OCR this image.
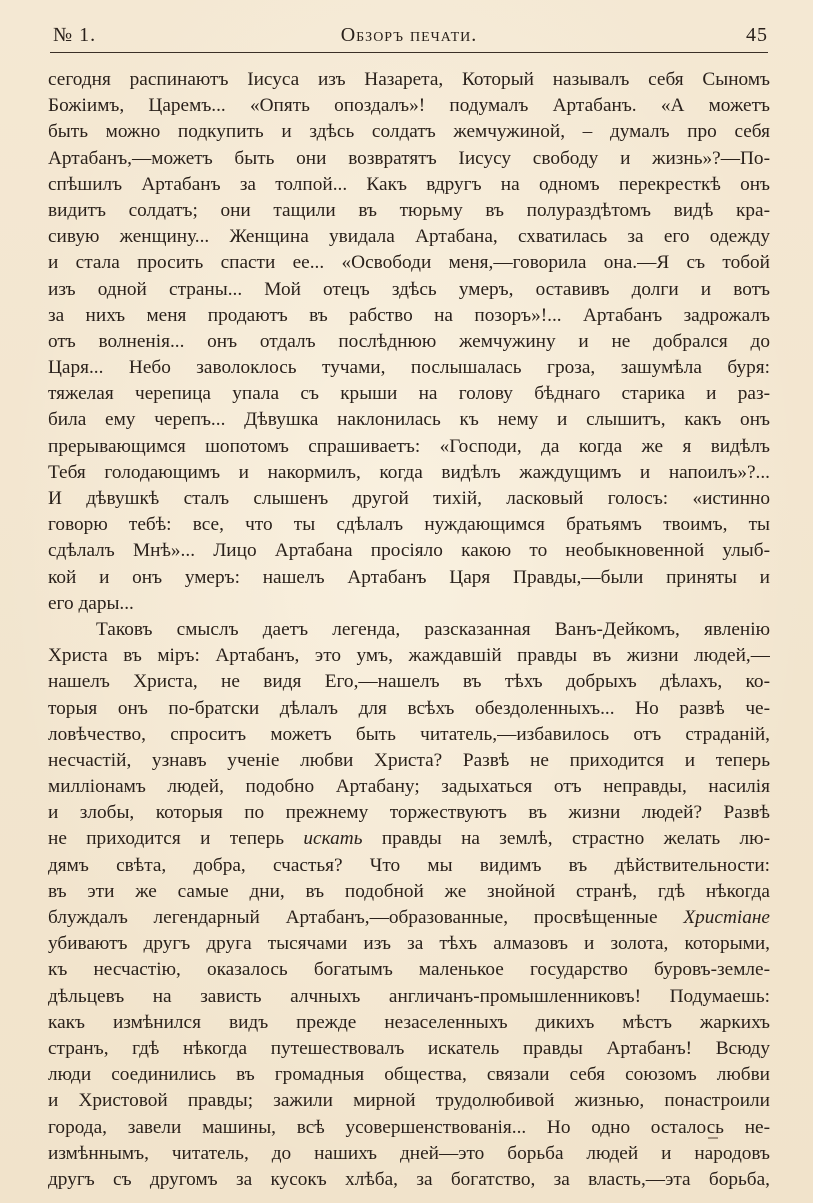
№ 1.	Обзоръ печати.	45
сегодня распинаютъ Іисуса изъ Назарета, Который называлъ себя Сыномъ
Божіимъ, Царемъ... «Опять опоздалъ»! подумалъ Артабанъ. «А можетъ
быть можно подкупить и здѣсь солдатъ жемчужиной, – думалъ про себя
Артабанъ,—можетъ быть они возвратятъ Іисусу свободу и жизнь»?—По-
спѣшилъ Артабанъ за толпой... Какъ вдругъ на одномъ перекресткѣ онъ
видитъ солдатъ; они тащили въ тюрьму въ полураздѣтомъ видѣ кра-
сивую женщину... Женщина увидала Артабана, схватилась за его одежду
и стала просить спасти ее... «Освободи меня,—говорила она.—Я съ тобой
изъ одной страны... Мой отецъ здѣсь умеръ, оставивъ долги и вотъ
за нихъ меня продаютъ въ рабство на позоръ»!... Артабанъ задрожалъ
отъ волненія... онъ отдалъ послѣднюю жемчужину и не добрался до
Царя... Небо заволоклось тучами, послышалась гроза, зашумѣла буря:
тяжелая черепица упала съ крыши на голову бѣднаго старика и раз-
била ему черепъ... Дѣвушка наклонилась къ нему и слышитъ, какъ онъ
прерывающимся шопотомъ спрашиваетъ: «Господи, да когда же я видѣлъ
Тебя голодающимъ и накормилъ, когда видѣлъ жаждущимъ и напоилъ»?...
И дѣвушкѣ сталъ слышенъ другой тихій, ласковый голосъ: «истинно
говорю тебѣ: все, что ты сдѣлалъ нуждающимся братьямъ твоимъ, ты
сдѣлалъ Мнѣ»... Лицо Артабана просіяло какою то необыкновенной улыб-
кой и онъ умеръ: нашелъ Артабанъ Царя Правды,—были приняты и
его дары...
Таковъ смыслъ даетъ легенда, разсказанная Ванъ-Дейкомъ, явленію
Христа въ міръ: Артабанъ, это умъ, жаждавшій правды въ жизни людей,—
нашелъ Христа, не видя Его,—нашелъ въ тѣхъ добрыхъ дѣлахъ, ко-
торыя онъ по-братски дѣлалъ для всѣхъ обездоленныхъ... Но развѣ че-
ловѣчество, спроситъ можетъ быть читатель,—избавилось отъ страданій,
несчастій, узнавъ ученіе любви Христа? Развѣ не приходится и теперь
милліонамъ людей, подобно Артабану; задыхаться отъ неправды, насилія
и злобы, которыя по прежнему торжествуютъ въ жизни людей? Развѣ
не приходится и теперь искать правды на землѣ, страстно желать лю-
дямъ свѣта, добра, счастья? Что мы видимъ въ дѣйствительности:
въ эти же самые дни, въ подобной же знойной странѣ, гдѣ нѣкогда
блуждалъ легендарный Артабанъ,—образованные, просвѣщенные Христіане
убиваютъ другъ друга тысячами изъ за тѣхъ алмазовъ и золота, которыми,
къ несчастію, оказалось богатымъ маленькое государство буровъ-земле-
дѣльцевъ на зависть алчныхъ англичанъ-промышленниковъ! Подумаешь:
какъ измѣнился видъ прежде незаселенныхъ дикихъ мѣстъ жаркихъ
странъ, гдѣ нѣкогда путешествовалъ искатель правды Артабанъ! Всюду
люди соединились въ громадныя общества, связали себя союзомъ любви
и Христовой правды; зажили мирной трудолюбивой жизнью, понастроили
города, завели машины, всѣ усовершенствованія... Но одно осталось не-
измѣннымъ, читатель, до нашихъ дней—это борьба людей и народовъ
другъ съ другомъ за кусокъ хлѣба, за богатство, за власть,—эта борьба,
